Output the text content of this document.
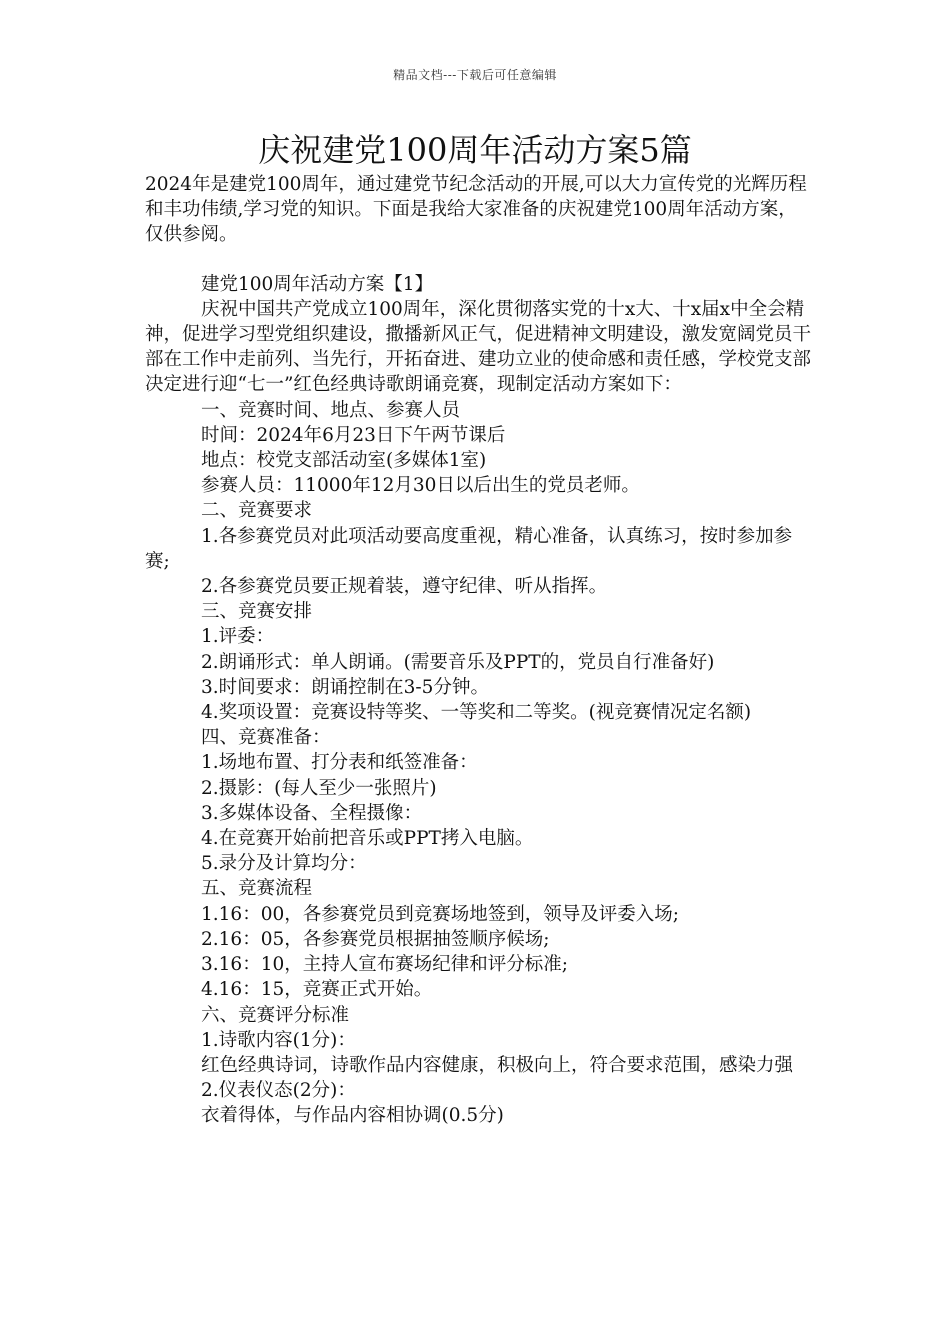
精品文档---下载后可任意编辑
庆祝建党100周年活动方案5篇

2024年是建党100周年，通过建党节纪念活动的开展,可以大力宣传党的光辉历程和丰功伟绩,学习党的知识。下面是我给大家准备的庆祝建党100周年活动方案，仅供参阅。

建党100周年活动方案【1】

庆祝中国共产党成立100周年，深化贯彻落实党的十x大、十x届x中全会精神，促进学习型党组织建设，撒播新风正气，促进精神文明建设，激发宽阔党员干部在工作中走前列、当先行，开拓奋进、建功立业的使命感和责任感，学校党支部决定进行迎“七一”红色经典诗歌朗诵竞赛，现制定活动方案如下：

一、竞赛时间、地点、参赛人员

时间：2024年6月23日下午两节课后

地点：校党支部活动室(多媒体1室)

参赛人员：11000年12月30日以后出生的党员老师。

二、竞赛要求

1.各参赛党员对此项活动要高度重视，精心准备，认真练习，按时参加参赛;

2.各参赛党员要正规着装，遵守纪律、听从指挥。

三、竞赛安排

1.评委：

2.朗诵形式：单人朗诵。(需要音乐及PPT的，党员自行准备好)

3.时间要求：朗诵控制在3-5分钟。

4.奖项设置：竞赛设特等奖、一等奖和二等奖。(视竞赛情况定名额)

四、竞赛准备：

1.场地布置、打分表和纸签准备：

2.摄影：(每人至少一张照片)

3.多媒体设备、全程摄像：

4.在竞赛开始前把音乐或PPT拷入电脑。

5.录分及计算均分：

五、竞赛流程

1.16：00，各参赛党员到竞赛场地签到，领导及评委入场;

2.16：05，各参赛党员根据抽签顺序候场;

3.16：10，主持人宣布赛场纪律和评分标准;

4.16：15，竞赛正式开始。

六、竞赛评分标准

1.诗歌内容(1分)：

红色经典诗词，诗歌作品内容健康，积极向上，符合要求范围，感染力强

2.仪表仪态(2分)：

衣着得体，与作品内容相协调(0.5分)
